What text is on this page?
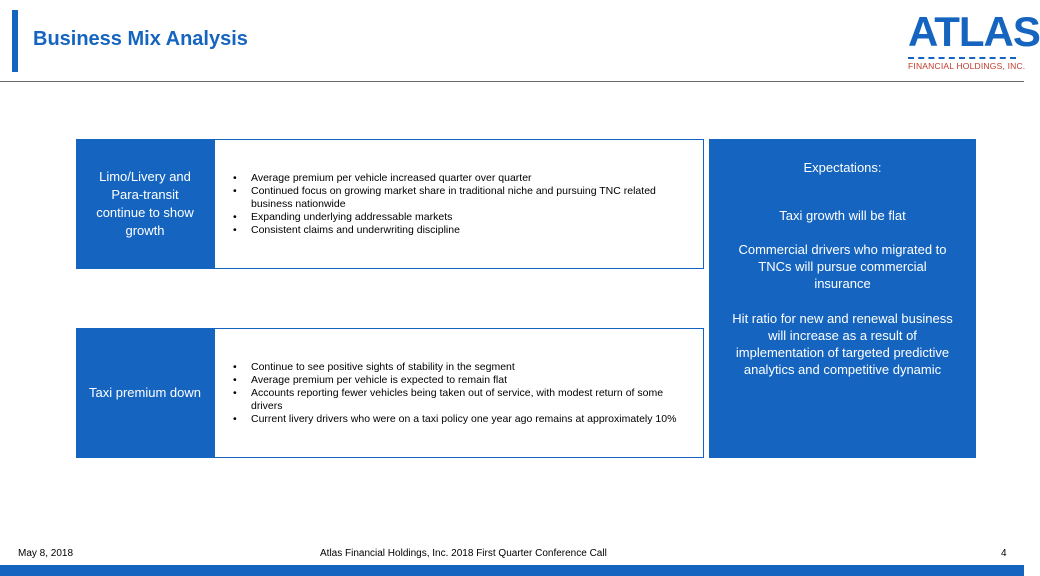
Business Mix Analysis	ATLAS
FINANCIAL HOLDINGS, INC.
Limo/Livery and Para-transit continue to show growth
• Average premium per vehicle increased quarter over quarter
• Continued focus on growing market share in traditional niche and pursuing TNC related business nationwide
• Expanding underlying addressable markets
• Consistent claims and underwriting discipline
Taxi premium down
• Continue to see positive sights of stability in the segment
• Average premium per vehicle is expected to remain flat
• Accounts reporting fewer vehicles being taken out of service, with modest return of some drivers
• Current livery drivers who were on a taxi policy one year ago remains at approximately 10%
Expectations:
Taxi growth will be flat
Commercial drivers who migrated to TNCs will pursue commercial insurance
Hit ratio for new and renewal business will increase as a result of implementation of targeted predictive analytics and competitive dynamic
May 8, 2018	Atlas Financial Holdings, Inc. 2018 First Quarter Conference Call	4
